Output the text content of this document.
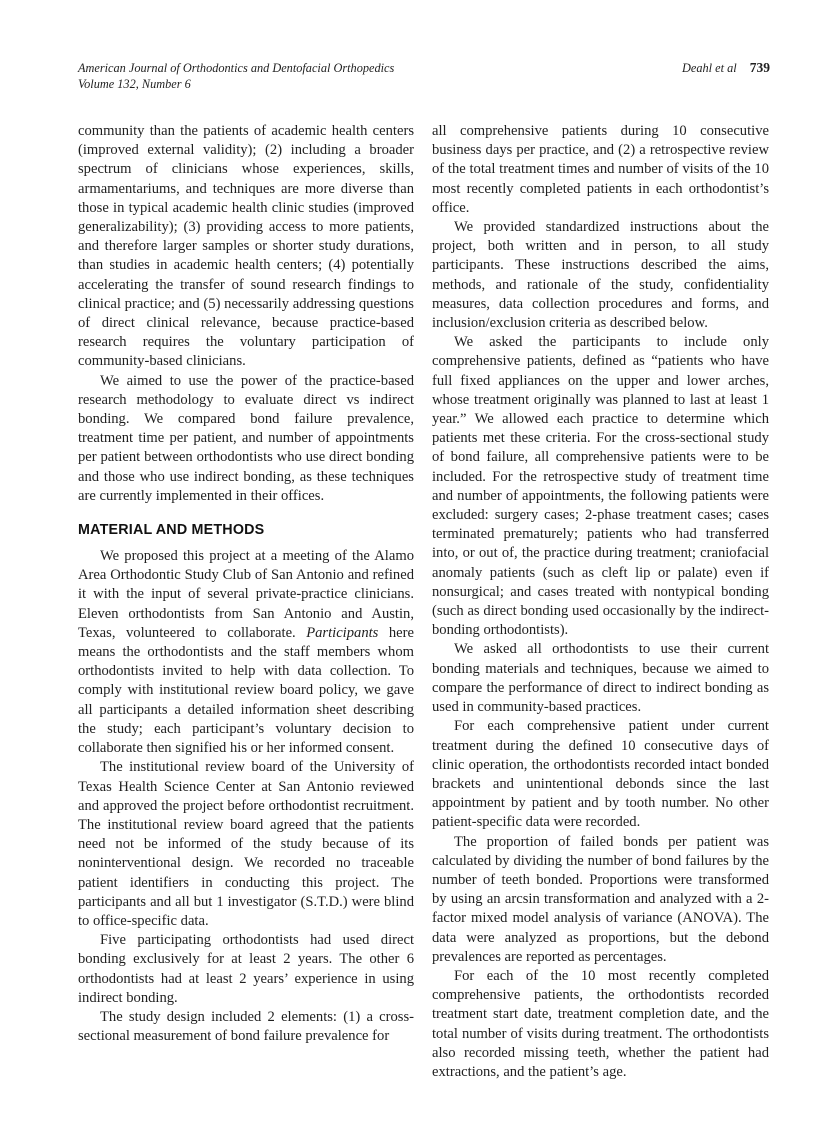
American Journal of Orthodontics and Dentofacial Orthopedics
Volume 132, Number 6
Deahl et al 739

community than the patients of academic health centers (improved external validity); (2) including a broader spectrum of clinicians whose experiences, skills, armamentariums, and techniques are more diverse than those in typical academic health clinic studies (improved generalizability); (3) providing access to more patients, and therefore larger samples or shorter study durations, than studies in academic health centers; (4) potentially accelerating the transfer of sound research findings to clinical practice; and (5) necessarily addressing questions of direct clinical relevance, because practice-based research requires the voluntary participation of community-based clinicians.

We aimed to use the power of the practice-based research methodology to evaluate direct vs indirect bonding. We compared bond failure prevalence, treatment time per patient, and number of appointments per patient between orthodontists who use direct bonding and those who use indirect bonding, as these techniques are currently implemented in their offices.

MATERIAL AND METHODS

We proposed this project at a meeting of the Alamo Area Orthodontic Study Club of San Antonio and refined it with the input of several private-practice clinicians. Eleven orthodontists from San Antonio and Austin, Texas, volunteered to collaborate. Participants here means the orthodontists and the staff members whom orthodontists invited to help with data collection. To comply with institutional review board policy, we gave all participants a detailed information sheet describing the study; each participant’s voluntary decision to collaborate then signified his or her informed consent.

The institutional review board of the University of Texas Health Science Center at San Antonio reviewed and approved the project before orthodontist recruitment. The institutional review board agreed that the patients need not be informed of the study because of its noninterventional design. We recorded no traceable patient identifiers in conducting this project. The participants and all but 1 investigator (S.T.D.) were blind to office-specific data.

Five participating orthodontists had used direct bonding exclusively for at least 2 years. The other 6 orthodontists had at least 2 years’ experience in using indirect bonding.

The study design included 2 elements: (1) a cross-sectional measurement of bond failure prevalence for

all comprehensive patients during 10 consecutive business days per practice, and (2) a retrospective review of the total treatment times and number of visits of the 10 most recently completed patients in each orthodontist’s office.

We provided standardized instructions about the project, both written and in person, to all study participants. These instructions described the aims, methods, and rationale of the study, confidentiality measures, data collection procedures and forms, and inclusion/exclusion criteria as described below.

We asked the participants to include only comprehensive patients, defined as “patients who have full fixed appliances on the upper and lower arches, whose treatment originally was planned to last at least 1 year.” We allowed each practice to determine which patients met these criteria. For the cross-sectional study of bond failure, all comprehensive patients were to be included. For the retrospective study of treatment time and number of appointments, the following patients were excluded: surgery cases; 2-phase treatment cases; cases terminated prematurely; patients who had transferred into, or out of, the practice during treatment; craniofacial anomaly patients (such as cleft lip or palate) even if nonsurgical; and cases treated with nontypical bonding (such as direct bonding used occasionally by the indirect-bonding orthodontists).

We asked all orthodontists to use their current bonding materials and techniques, because we aimed to compare the performance of direct to indirect bonding as used in community-based practices.

For each comprehensive patient under current treatment during the defined 10 consecutive days of clinic operation, the orthodontists recorded intact bonded brackets and unintentional debonds since the last appointment by patient and by tooth number. No other patient-specific data were recorded.

The proportion of failed bonds per patient was calculated by dividing the number of bond failures by the number of teeth bonded. Proportions were transformed by using an arcsin transformation and analyzed with a 2-factor mixed model analysis of variance (ANOVA). The data were analyzed as proportions, but the debond prevalences are reported as percentages.

For each of the 10 most recently completed comprehensive patients, the orthodontists recorded treatment start date, treatment completion date, and the total number of visits during treatment. The orthodontists also recorded missing teeth, whether the patient had extractions, and the patient’s age.
